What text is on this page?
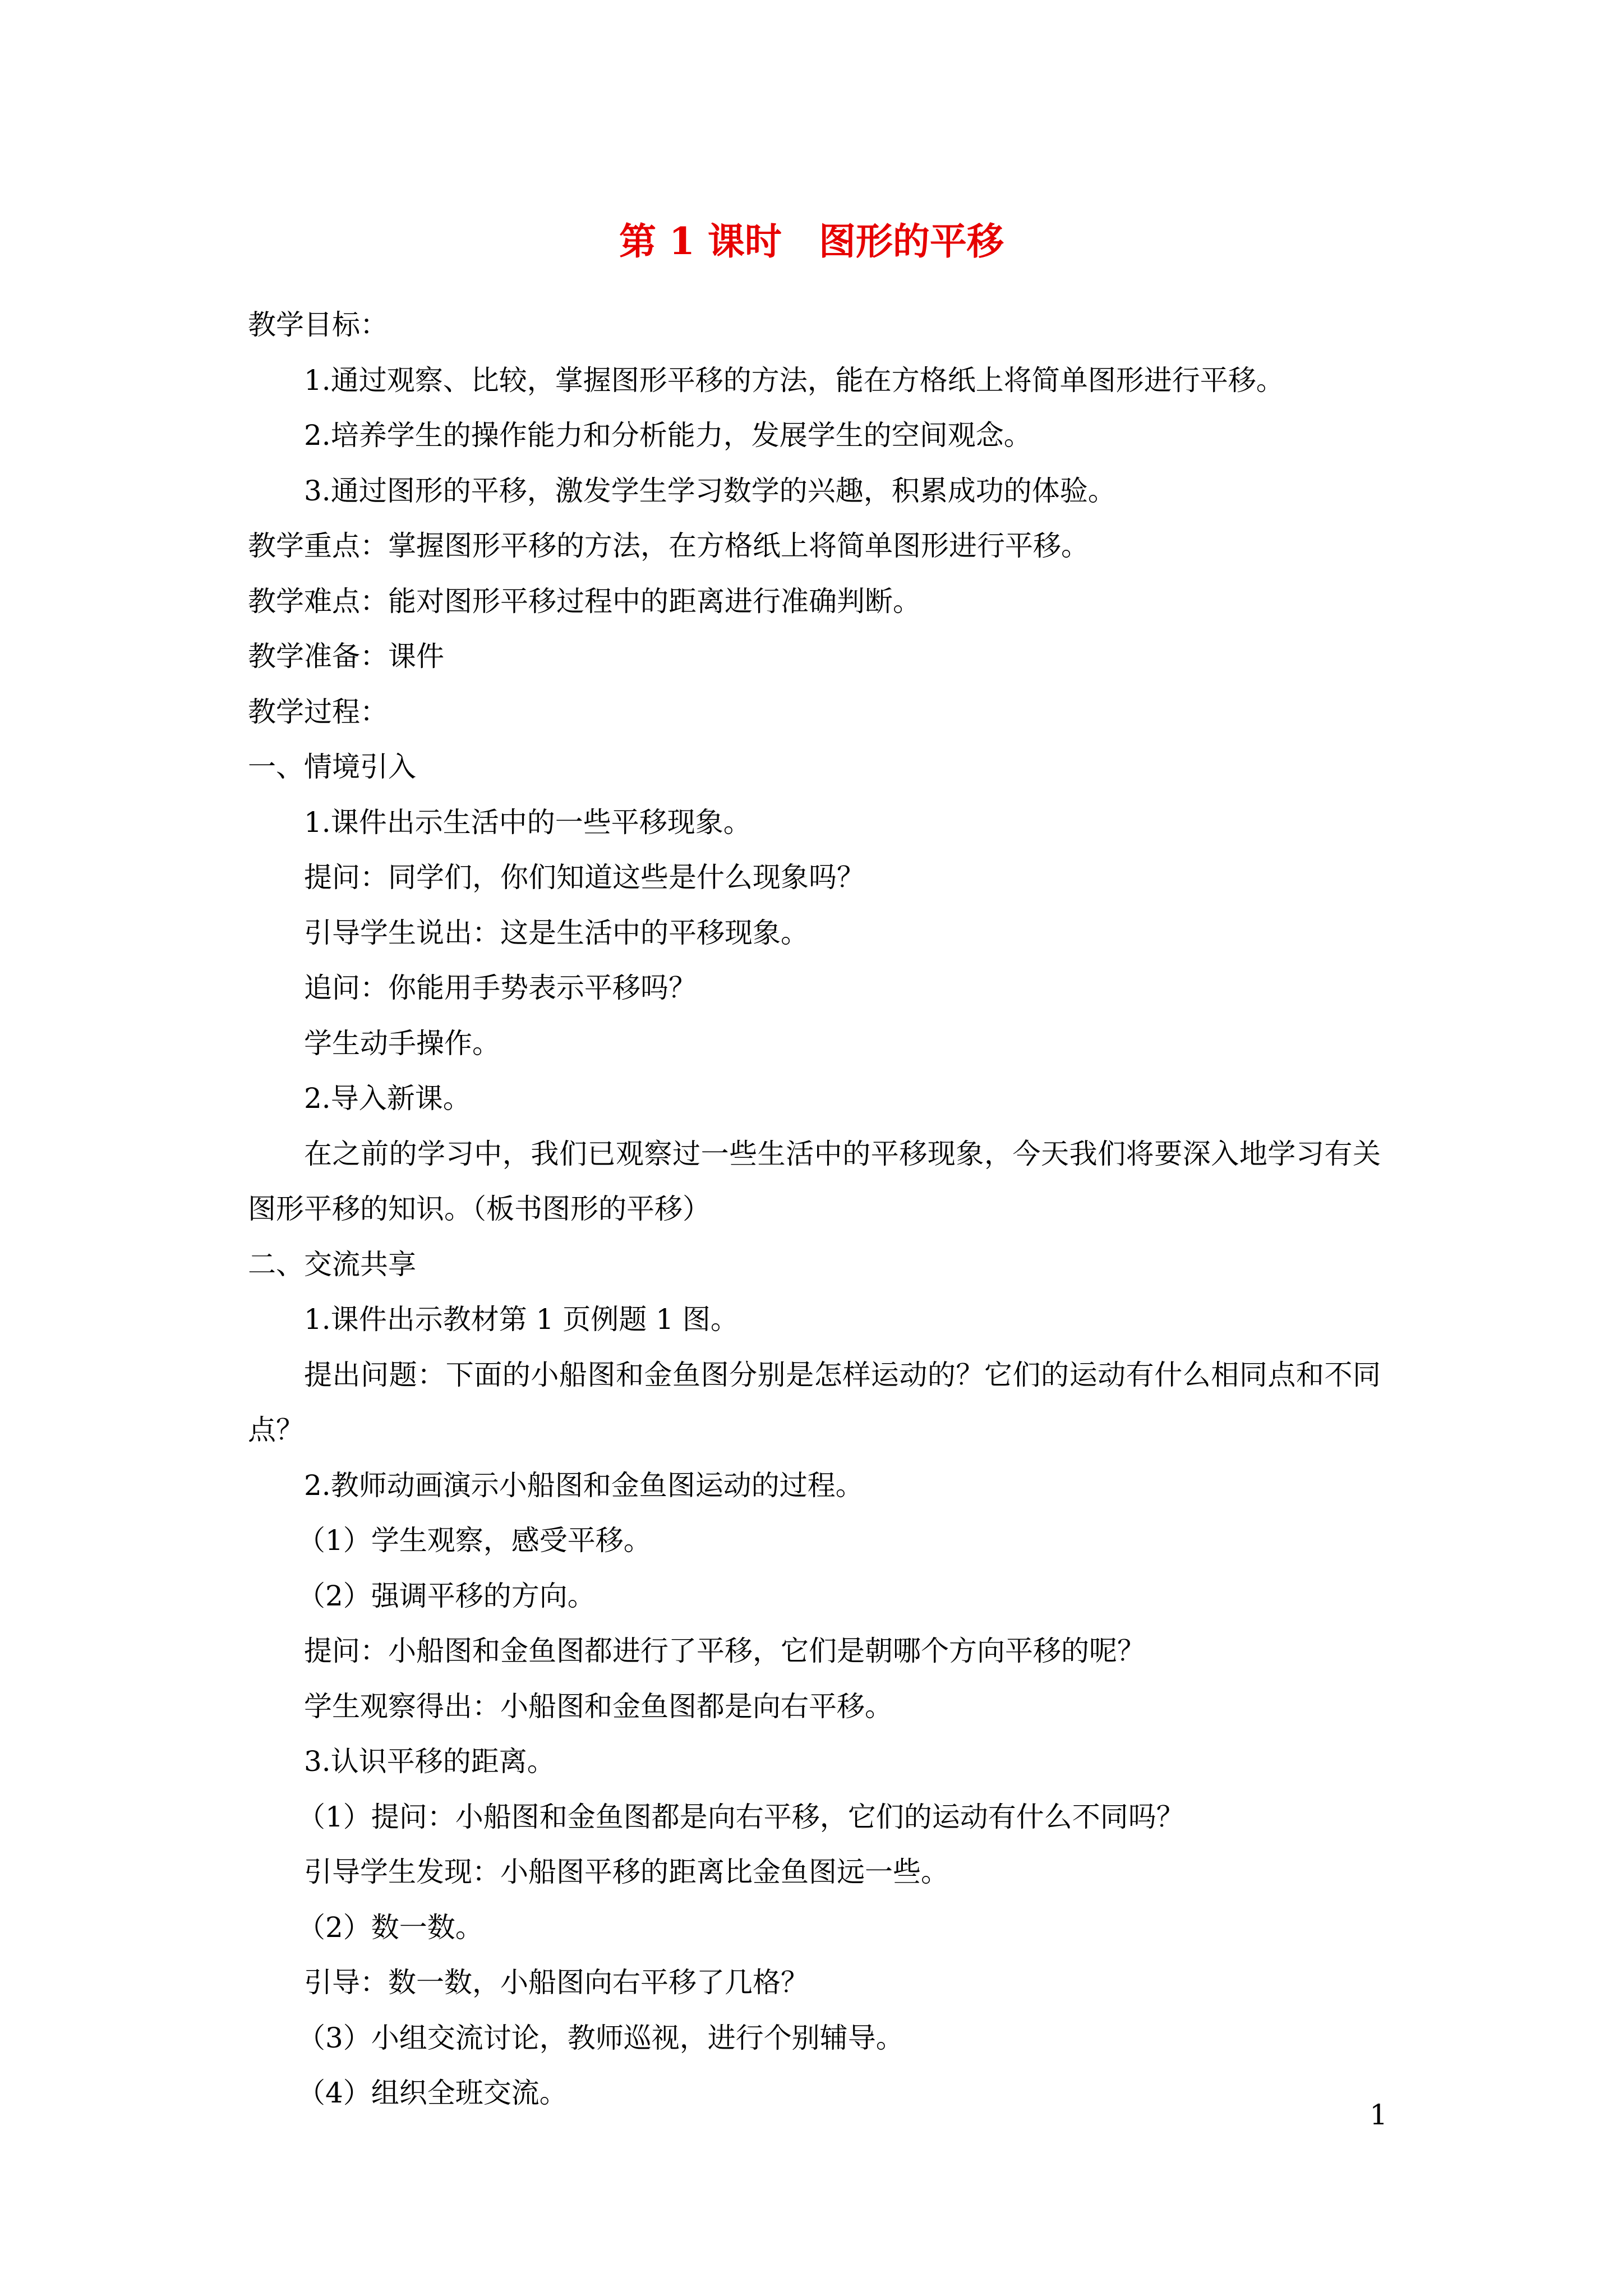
第 1 课时　图形的平移
教学目标：
1.通过观察、比较，掌握图形平移的方法，能在方格纸上将简单图形进行平移。
2.培养学生的操作能力和分析能力，发展学生的空间观念。
3.通过图形的平移，激发学生学习数学的兴趣，积累成功的体验。
教学重点：掌握图形平移的方法，在方格纸上将简单图形进行平移。
教学难点：能对图形平移过程中的距离进行准确判断。
教学准备：课件
教学过程：
一、情境引入
1.课件出示生活中的一些平移现象。
提问：同学们，你们知道这些是什么现象吗？
引导学生说出：这是生活中的平移现象。
追问：你能用手势表示平移吗？
学生动手操作。
2.导入新课。
在之前的学习中，我们已观察过一些生活中的平移现象，今天我们将要深入地学习有关图形平移的知识。（板书图形的平移）
二、交流共享
1.课件出示教材第 1 页例题 1 图。
提出问题：下面的小船图和金鱼图分别是怎样运动的？它们的运动有什么相同点和不同点？
2.教师动画演示小船图和金鱼图运动的过程。
（1）学生观察，感受平移。
（2）强调平移的方向。
提问：小船图和金鱼图都进行了平移，它们是朝哪个方向平移的呢？
学生观察得出：小船图和金鱼图都是向右平移。
3.认识平移的距离。
（1）提问：小船图和金鱼图都是向右平移，它们的运动有什么不同吗？
引导学生发现：小船图平移的距离比金鱼图远一些。
（2）数一数。
引导：数一数，小船图向右平移了几格？
（3）小组交流讨论，教师巡视，进行个别辅导。
（4）组织全班交流。
1
